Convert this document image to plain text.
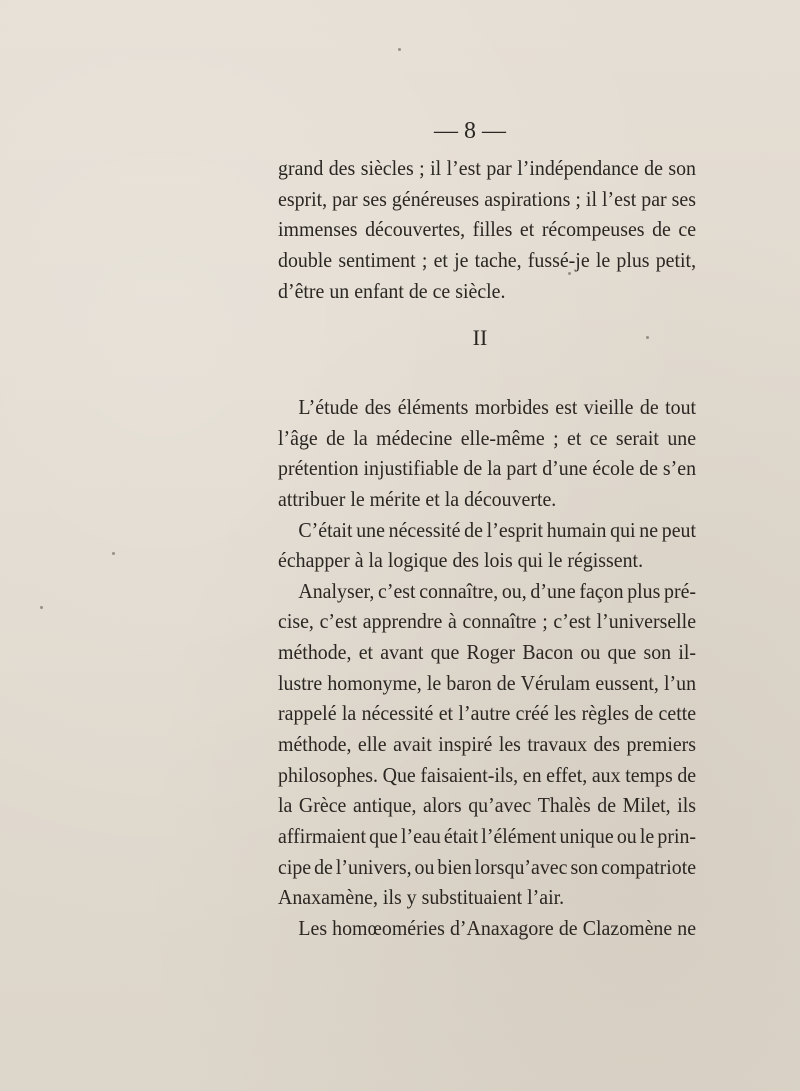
— 8 —
grand des siècles ; il l’est par l’indépendance de son
esprit, par ses généreuses aspirations ; il l’est par ses
immenses découvertes, filles et récompeuses de ce
double sentiment ; et je tache, fussé-je le plus petit,
d’être un enfant de ce siècle.
II
L’étude des éléments morbides est vieille de tout
l’âge de la médecine elle-même ; et ce serait une
prétention injustifiable de la part d’une école de s’en
attribuer le mérite et la découverte.
C’était une nécessité de l’esprit humain qui ne peut
échapper à la logique des lois qui le régissent.
Analyser, c’est connaître, ou, d’une façon plus pré-
cise, c’est apprendre à connaître ; c’est l’universelle
méthode, et avant que Roger Bacon ou que son il-
lustre homonyme, le baron de Vérulam eussent, l’un
rappelé la nécessité et l’autre créé les règles de cette
méthode, elle avait inspiré les travaux des premiers
philosophes. Que faisaient-ils, en effet, aux temps de
la Grèce antique, alors qu’avec Thalès de Milet, ils
affirmaient que l’eau était l’élément unique ou le prin-
cipe de l’univers, ou bien lorsqu’avec son compatriote
Anaxamène, ils y substituaient l’air.
Les homœoméries d’Anaxagore de Clazomène ne
